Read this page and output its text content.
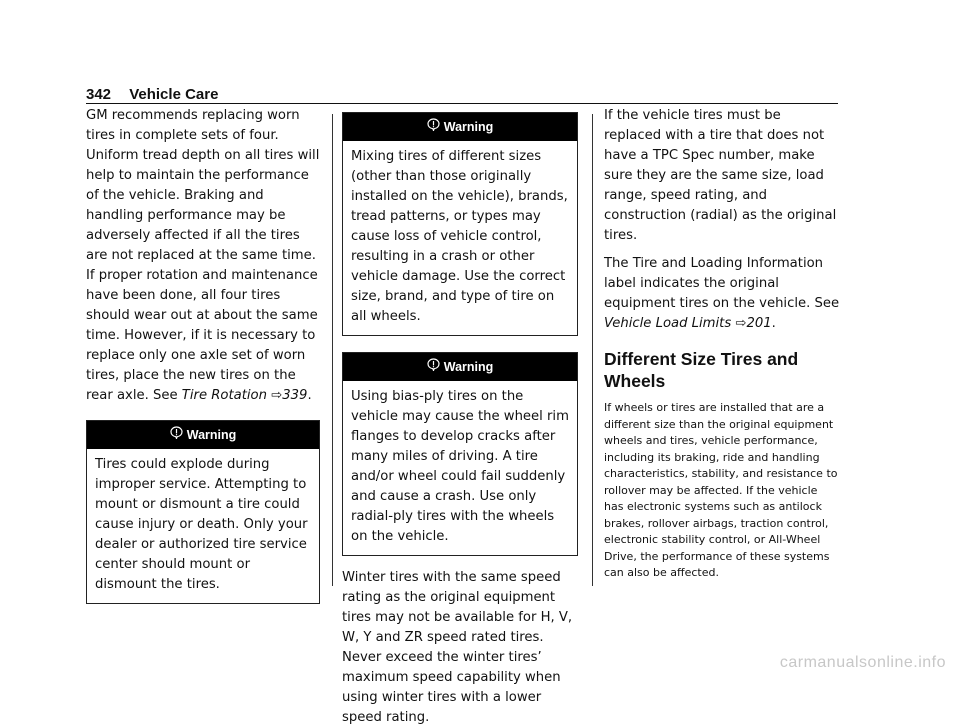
342 Vehicle Care

GM recommends replacing worn tires in complete sets of four. Uniform tread depth on all tires will help to maintain the performance of the vehicle. Braking and handling performance may be adversely affected if all the tires are not replaced at the same time. If proper rotation and maintenance have been done, all four tires should wear out at about the same time. However, if it is necessary to replace only one axle set of worn tires, place the new tires on the rear axle. See Tire Rotation ⇨339.

Warning
Tires could explode during improper service. Attempting to mount or dismount a tire could cause injury or death. Only your dealer or authorized tire service center should mount or dismount the tires.
Warning
Mixing tires of different sizes (other than those originally installed on the vehicle), brands, tread patterns, or types may cause loss of vehicle control, resulting in a crash or other vehicle damage. Use the correct size, brand, and type of tire on all wheels.
Warning
Using bias-ply tires on the vehicle may cause the wheel rim flanges to develop cracks after many miles of driving. A tire and/or wheel could fail suddenly and cause a crash. Use only radial-ply tires with the wheels on the vehicle.

Winter tires with the same speed rating as the original equipment tires may not be available for H, V, W, Y and ZR speed rated tires. Never exceed the winter tires’ maximum speed capability when using winter tires with a lower speed rating.

If the vehicle tires must be replaced with a tire that does not have a TPC Spec number, make sure they are the same size, load range, speed rating, and construction (radial) as the original tires.

The Tire and Loading Information label indicates the original equipment tires on the vehicle. See Vehicle Load Limits ⇨201.

Different Size Tires and Wheels

If wheels or tires are installed that are a different size than the original equipment wheels and tires, vehicle performance, including its braking, ride and handling characteristics, stability, and resistance to rollover may be affected. If the vehicle has electronic systems such as antilock brakes, rollover airbags, traction control, electronic stability control, or All-Wheel Drive, the performance of these systems can also be affected.

carmanualsonline.info
